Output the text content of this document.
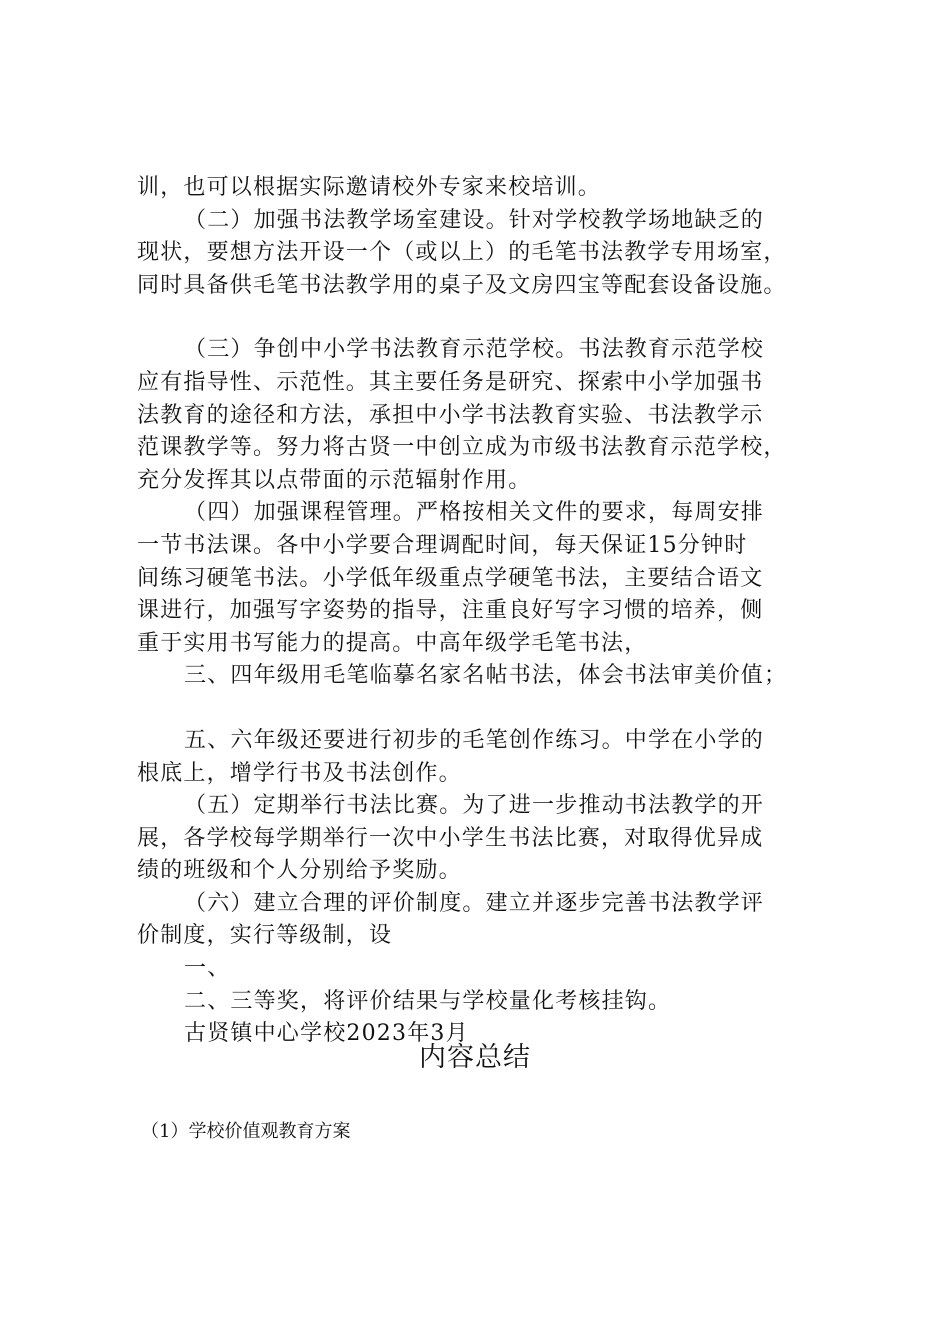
训，也可以根据实际邀请校外专家来校培训。
（二）加强书法教学场室建设。针对学校教学场地缺乏的
现状，要想方法开设一个（或以上）的毛笔书法教学专用场室，
同时具备供毛笔书法教学用的桌子及文房四宝等配套设备设施。
（三）争创中小学书法教育示范学校。书法教育示范学校
应有指导性、示范性。其主要任务是研究、探索中小学加强书
法教育的途径和方法，承担中小学书法教育实验、书法教学示
范课教学等。努力将古贤一中创立成为市级书法教育示范学校，
充分发挥其以点带面的示范辐射作用。
（四）加强课程管理。严格按相关文件的要求，每周安排
一节书法课。各中小学要合理调配时间，每天保证15分钟时
间练习硬笔书法。小学低年级重点学硬笔书法，主要结合语文
课进行，加强写字姿势的指导，注重良好写字习惯的培养，侧
重于实用书写能力的提高。中高年级学毛笔书法，
三、四年级用毛笔临摹名家名帖书法，体会书法审美价值；
五、六年级还要进行初步的毛笔创作练习。中学在小学的
根底上，增学行书及书法创作。
（五）定期举行书法比赛。为了进一步推动书法教学的开
展，各学校每学期举行一次中小学生书法比赛，对取得优异成
绩的班级和个人分别给予奖励。
（六）建立合理的评价制度。建立并逐步完善书法教学评
价制度，实行等级制，设
一、
二、三等奖，将评价结果与学校量化考核挂钩。
古贤镇中心学校2023年3月
内容总结
（1）学校价值观教育方案
